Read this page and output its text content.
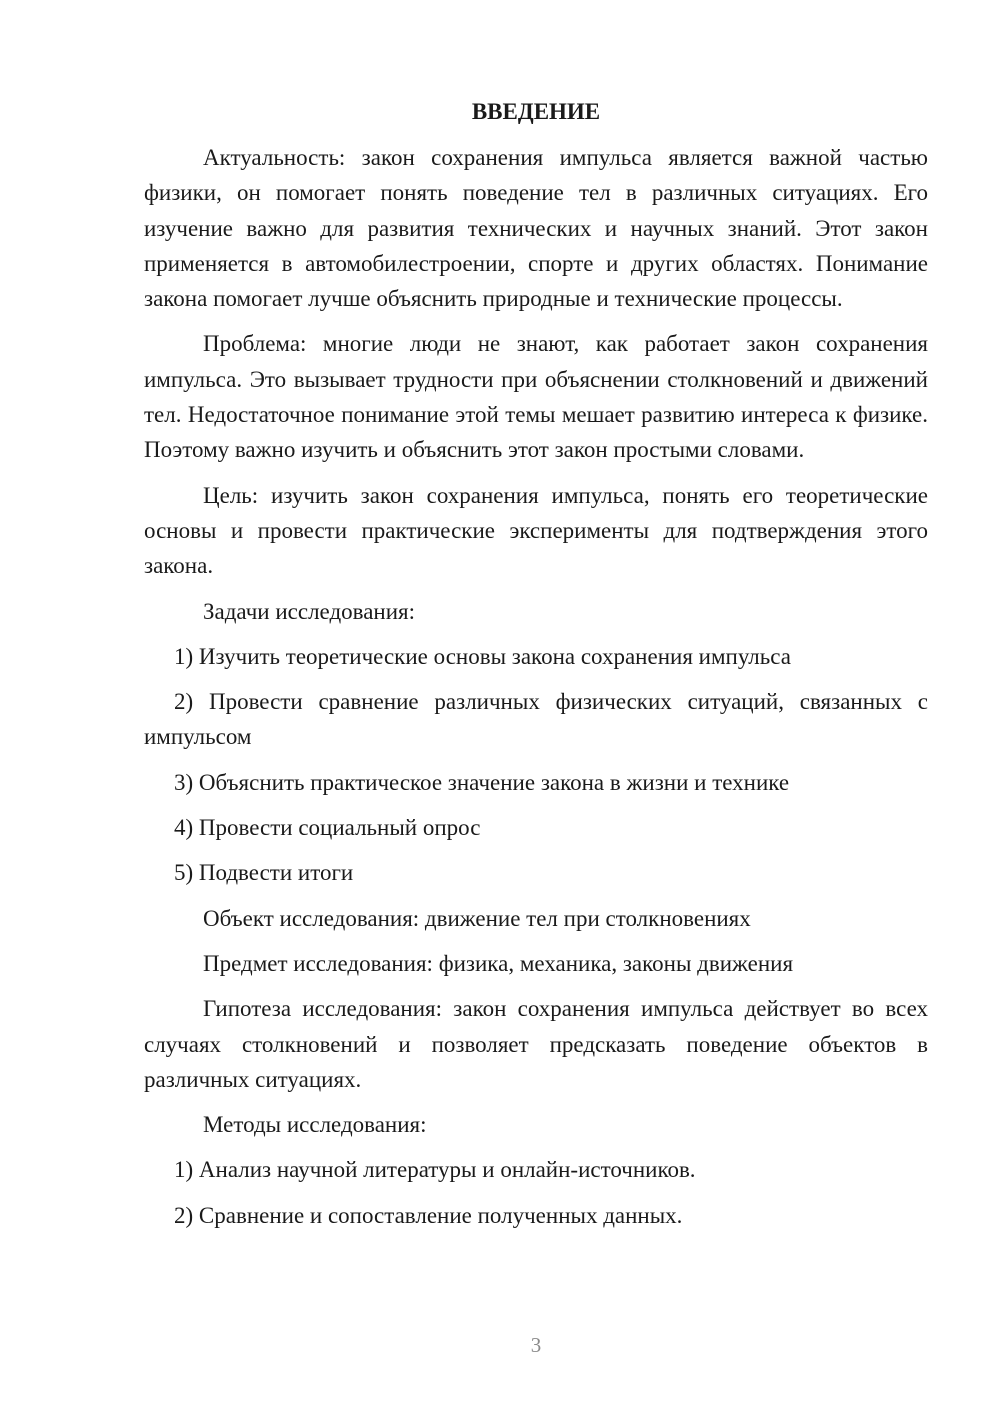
ВВЕДЕНИЕ

Актуальность: закон сохранения импульса является важной частью физики, он помогает понять поведение тел в различных ситуациях. Его изучение важно для развития технических и научных знаний. Этот закон применяется в автомобилестроении, спорте и других областях. Понимание закона помогает лучше объяснить природные и технические процессы.

Проблема: многие люди не знают, как работает закон сохранения импульса. Это вызывает трудности при объяснении столкновений и движений тел. Недостаточное понимание этой темы мешает развитию интереса к физике. Поэтому важно изучить и объяснить этот закон простыми словами.

Цель: изучить закон сохранения импульса, понять его теоретические основы и провести практические эксперименты для подтверждения этого закона.

Задачи исследования:

1) Изучить теоретические основы закона сохранения импульса

2) Провести сравнение различных физических ситуаций, связанных с импульсом

3) Объяснить практическое значение закона в жизни и технике

4) Провести социальный опрос

5) Подвести итоги

Объект исследования: движение тел при столкновениях

Предмет исследования: физика, механика, законы движения

Гипотеза исследования: закон сохранения импульса действует во всех случаях столкновений и позволяет предсказать поведение объектов в различных ситуациях.

Методы исследования:

1) Анализ научной литературы и онлайн-источников.

2) Сравнение и сопоставление полученных данных.

3
